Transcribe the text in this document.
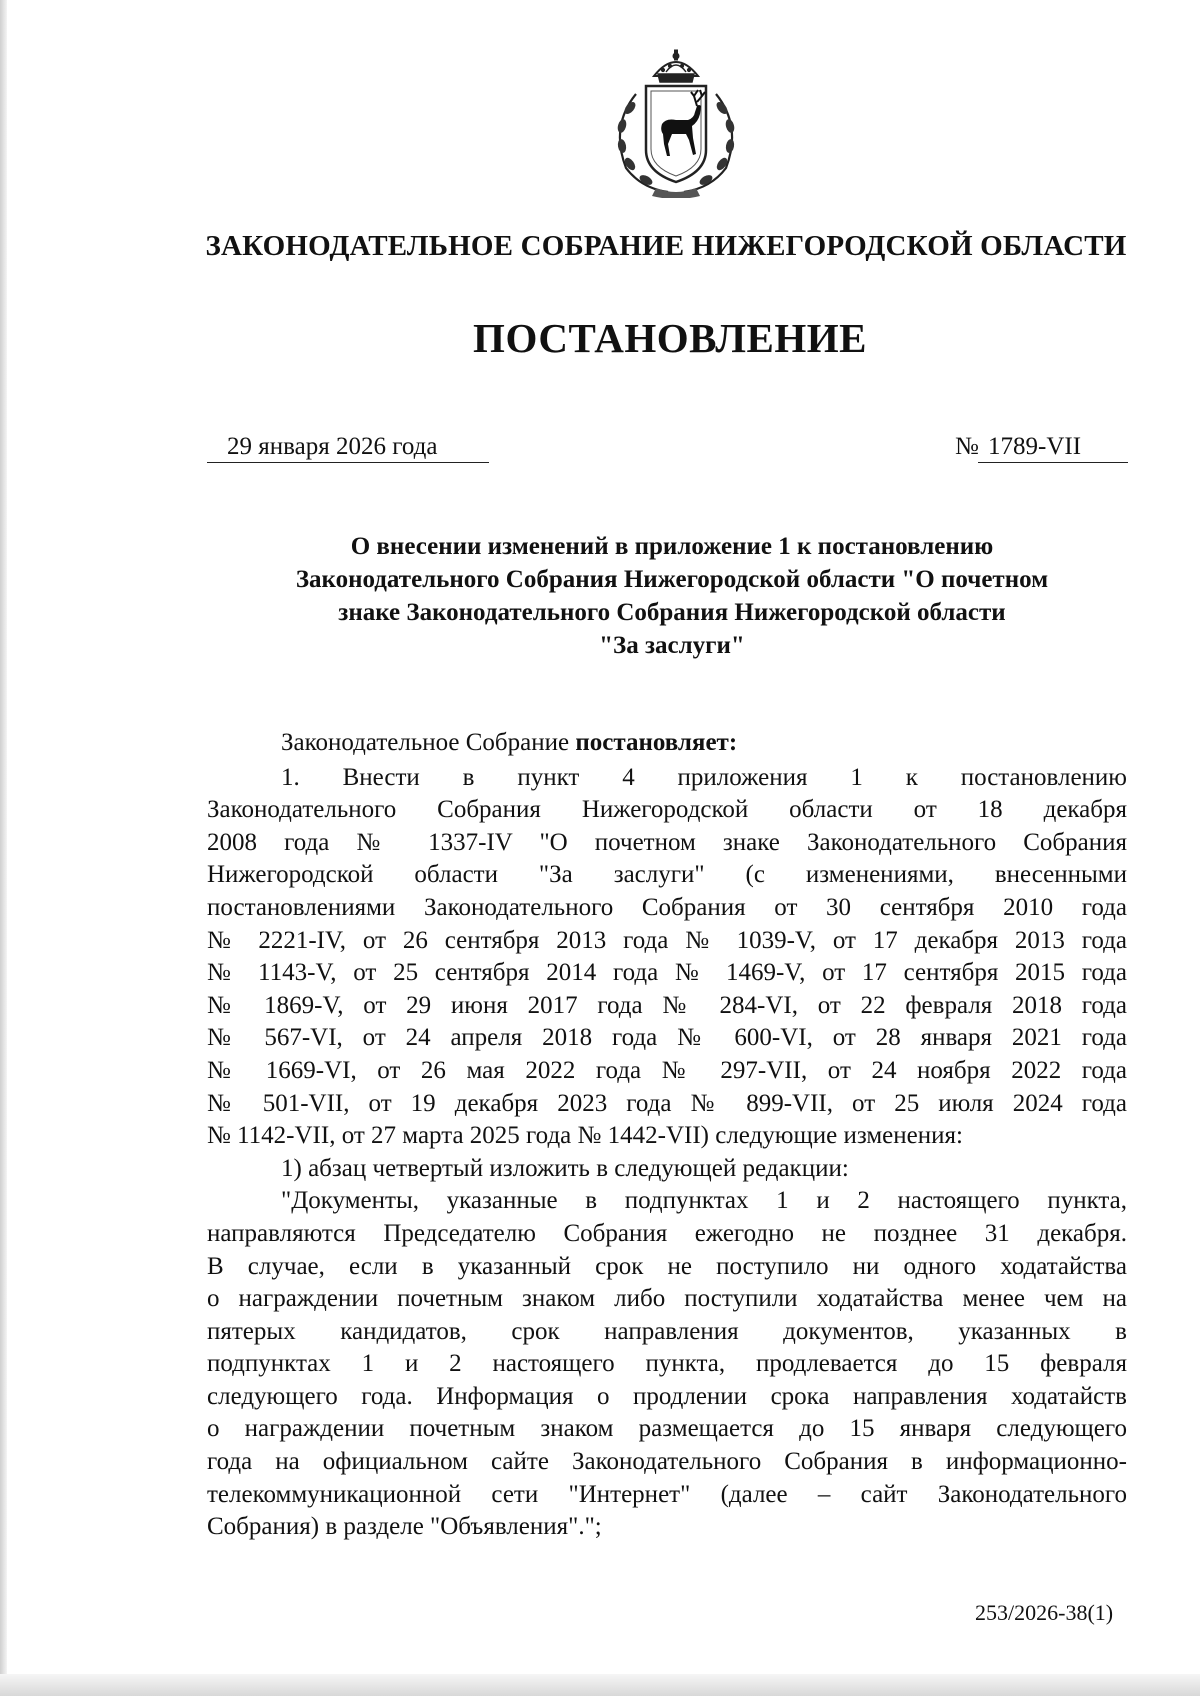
ЗАКОНОДАТЕЛЬНОЕ СОБРАНИЕ НИЖЕГОРОДСКОЙ ОБЛАСТИ
ПОСТАНОВЛЕНИЕ
29 января 2026 года	№ 1789-VII
О внесении изменений в приложение 1 к постановлению
Законодательного Собрания Нижегородской области "О почетном
знаке Законодательного Собрания Нижегородской области
"За заслуги"
Законодательное Собрание постановляет:
1. Внести в пункт 4 приложения 1 к постановлению
Законодательного Собрания Нижегородской области от 18 декабря
2008 года № 1337-IV "О почетном знаке Законодательного Собрания
Нижегородской области "За заслуги" (с изменениями, внесенными
постановлениями Законодательного Собрания от 30 сентября 2010 года
№ 2221-IV, от 26 сентября 2013 года № 1039-V, от 17 декабря 2013 года
№ 1143-V, от 25 сентября 2014 года № 1469-V, от 17 сентября 2015 года
№ 1869-V, от 29 июня 2017 года № 284-VI, от 22 февраля 2018 года
№ 567-VI, от 24 апреля 2018 года № 600-VI, от 28 января 2021 года
№ 1669-VI, от 26 мая 2022 года № 297-VII, от 24 ноября 2022 года
№ 501-VII, от 19 декабря 2023 года № 899-VII, от 25 июля 2024 года
№ 1142-VII, от 27 марта 2025 года № 1442-VII) следующие изменения:
1) абзац четвертый изложить в следующей редакции:
"Документы, указанные в подпунктах 1 и 2 настоящего пункта,
направляются Председателю Собрания ежегодно не позднее 31 декабря.
В случае, если в указанный срок не поступило ни одного ходатайства
о награждении почетным знаком либо поступили ходатайства менее чем на
пятерых кандидатов, срок направления документов, указанных в
подпунктах 1 и 2 настоящего пункта, продлевается до 15 февраля
следующего года. Информация о продлении срока направления ходатайств
о награждении почетным знаком размещается до 15 января следующего
года на официальном сайте Законодательного Собрания в информационно-
телекоммуникационной сети "Интернет" (далее – сайт Законодательного
Собрания) в разделе "Объявления".";
253/2026-38(1)
